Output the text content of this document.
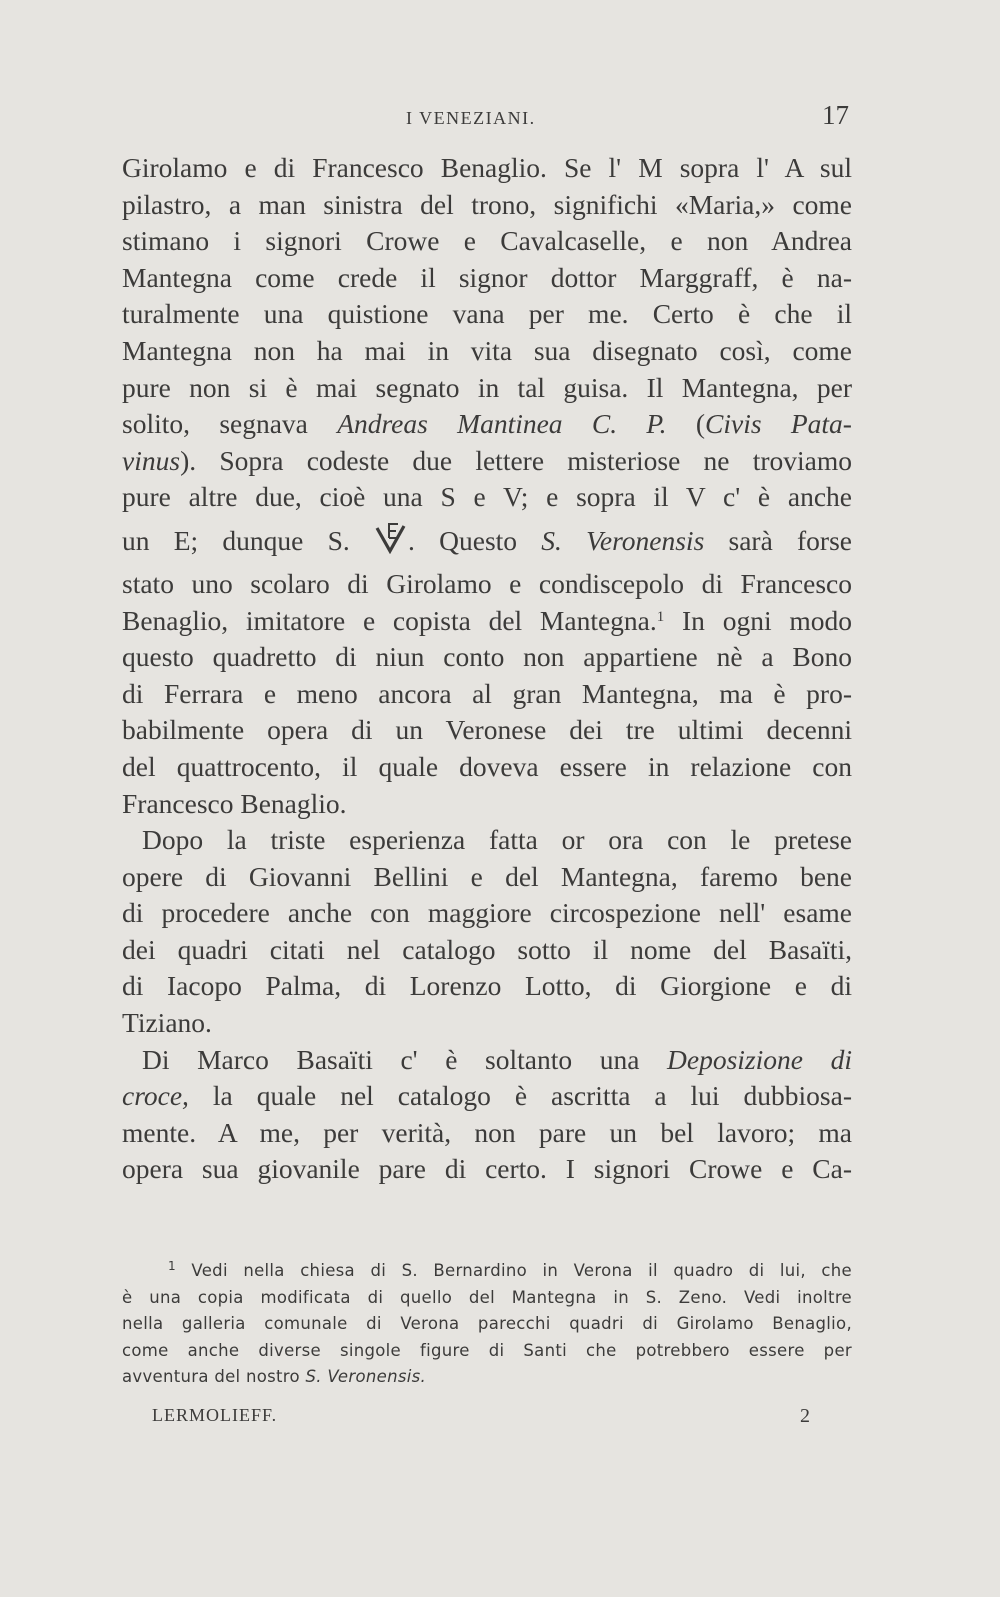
I VENEZIANI.	17
Girolamo e di Francesco Benaglio. Se l' M sopra l' A sul
pilastro, a man sinistra del trono, significhi «Maria,» come
stimano i signori Crowe e Cavalcaselle, e non Andrea
Mantegna come crede il signor dottor Marggraff, è na-
turalmente una quistione vana per me. Certo è che il
Mantegna non ha mai in vita sua disegnato così, come
pure non si è mai segnato in tal guisa. Il Mantegna, per
solito, segnava Andreas Mantinea C. P. (Civis Pata-
vinus). Sopra codeste due lettere misteriose ne troviamo
pure altre due, cioè una S e V; e sopra il V c' è anche
un E; dunque S. . Questo S. Veronensis sarà forse
stato uno scolaro di Girolamo e condiscepolo di Francesco
Benaglio, imitatore e copista del Mantegna.$^1$ In ogni modo
questo quadretto di niun conto non appartiene nè a Bono
di Ferrara e meno ancora al gran Mantegna, ma è pro-
babilmente opera di un Veronese dei tre ultimi decenni
del quattrocento, il quale doveva essere in relazione con
Francesco Benaglio.
Dopo la triste esperienza fatta or ora con le pretese
opere di Giovanni Bellini e del Mantegna, faremo bene
di procedere anche con maggiore circospezione nell' esame
dei quadri citati nel catalogo sotto il nome del Basaïti,
di Iacopo Palma, di Lorenzo Lotto, di Giorgione e di
Tiziano.
Di Marco Basaïti c' è soltanto una Deposizione di
croce, la quale nel catalogo è ascritta a lui dubbiosa-
mente. A me, per verità, non pare un bel lavoro; ma
opera sua giovanile pare di certo. I signori Crowe e Ca-
$^1$ Vedi nella chiesa di S. Bernardino in Verona il quadro di lui, che
è una copia modificata di quello del Mantegna in S. Zeno. Vedi inoltre
nella galleria comunale di Verona parecchi quadri di Girolamo Benaglio,
come anche diverse singole figure di Santi che potrebbero essere per
avventura del nostro S. Veronensis.
LERMOLIEFF.	2
